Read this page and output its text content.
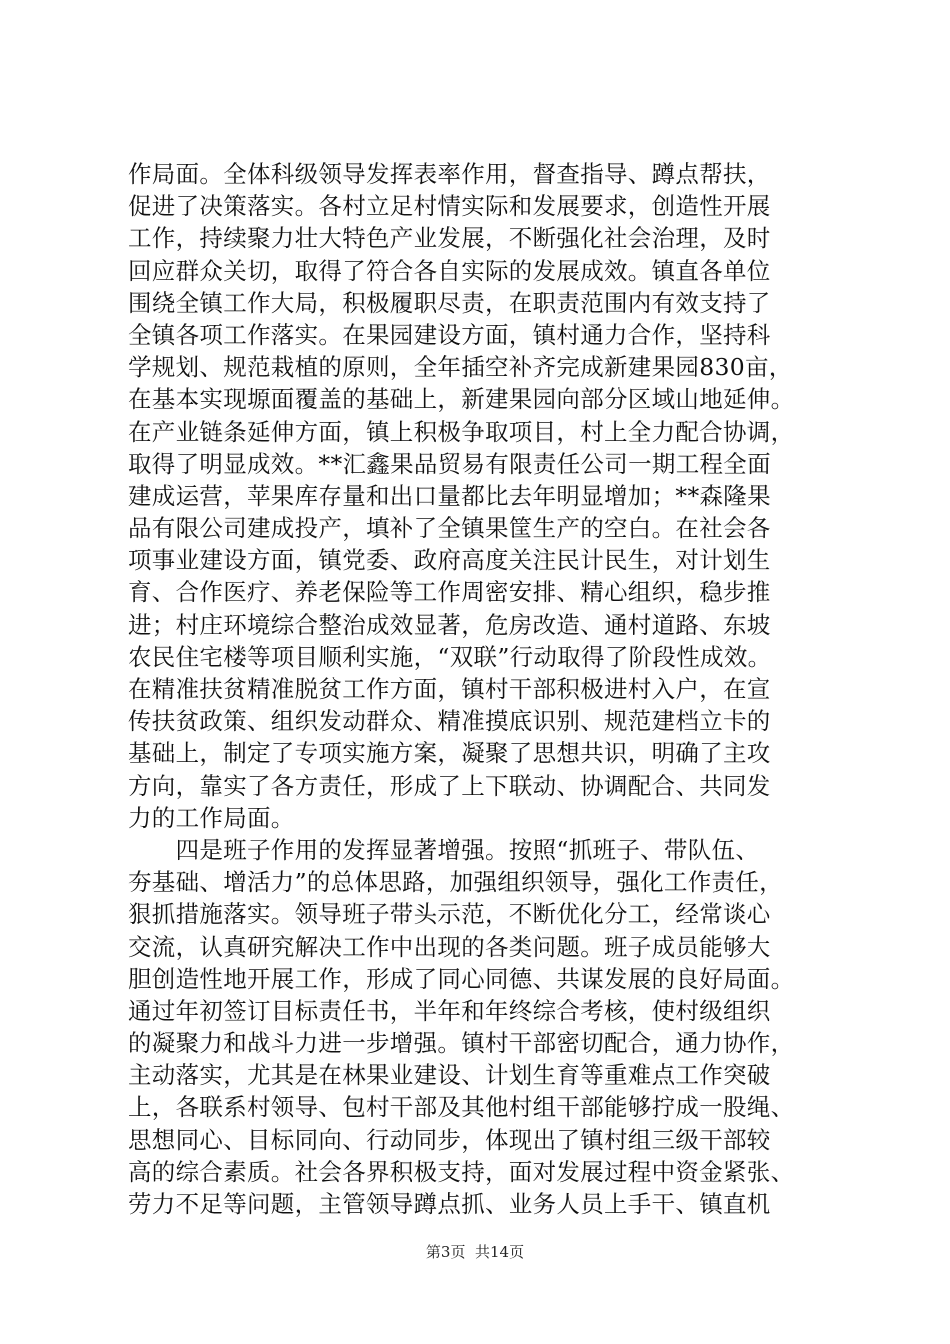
作局面。全体科级领导发挥表率作用，督查指导、蹲点帮扶，
促进了决策落实。各村立足村情实际和发展要求，创造性开展
工作，持续聚力壮大特色产业发展，不断强化社会治理，及时
回应群众关切，取得了符合各自实际的发展成效。镇直各单位
围绕全镇工作大局，积极履职尽责，在职责范围内有效支持了
全镇各项工作落实。在果园建设方面，镇村通力合作，坚持科
学规划、规范栽植的原则，全年插空补齐完成新建果园830亩，
在基本实现塬面覆盖的基础上，新建果园向部分区域山地延伸。
在产业链条延伸方面，镇上积极争取项目，村上全力配合协调，
取得了明显成效。**汇鑫果品贸易有限责任公司一期工程全面
建成运营，苹果库存量和出口量都比去年明显增加；**森隆果
品有限公司建成投产，填补了全镇果筐生产的空白。在社会各
项事业建设方面，镇党委、政府高度关注民计民生，对计划生
育、合作医疗、养老保险等工作周密安排、精心组织，稳步推
进；村庄环境综合整治成效显著，危房改造、通村道路、东坡
农民住宅楼等项目顺利实施，“双联”行动取得了阶段性成效。
在精准扶贫精准脱贫工作方面，镇村干部积极进村入户，在宣
传扶贫政策、组织发动群众、精准摸底识别、规范建档立卡的
基础上，制定了专项实施方案，凝聚了思想共识，明确了主攻
方向，靠实了各方责任，形成了上下联动、协调配合、共同发
力的工作局面。
　　四是班子作用的发挥显著增强。按照“抓班子、带队伍、
夯基础、增活力”的总体思路，加强组织领导，强化工作责任，
狠抓措施落实。领导班子带头示范，不断优化分工，经常谈心
交流，认真研究解决工作中出现的各类问题。班子成员能够大
胆创造性地开展工作，形成了同心同德、共谋发展的良好局面。
通过年初签订目标责任书，半年和年终综合考核，使村级组织
的凝聚力和战斗力进一步增强。镇村干部密切配合，通力协作，
主动落实，尤其是在林果业建设、计划生育等重难点工作突破
上，各联系村领导、包村干部及其他村组干部能够拧成一股绳、
思想同心、目标同向、行动同步，体现出了镇村组三级干部较
高的综合素质。社会各界积极支持，面对发展过程中资金紧张、
劳力不足等问题，主管领导蹲点抓、业务人员上手干、镇直机
第3页  共14页
